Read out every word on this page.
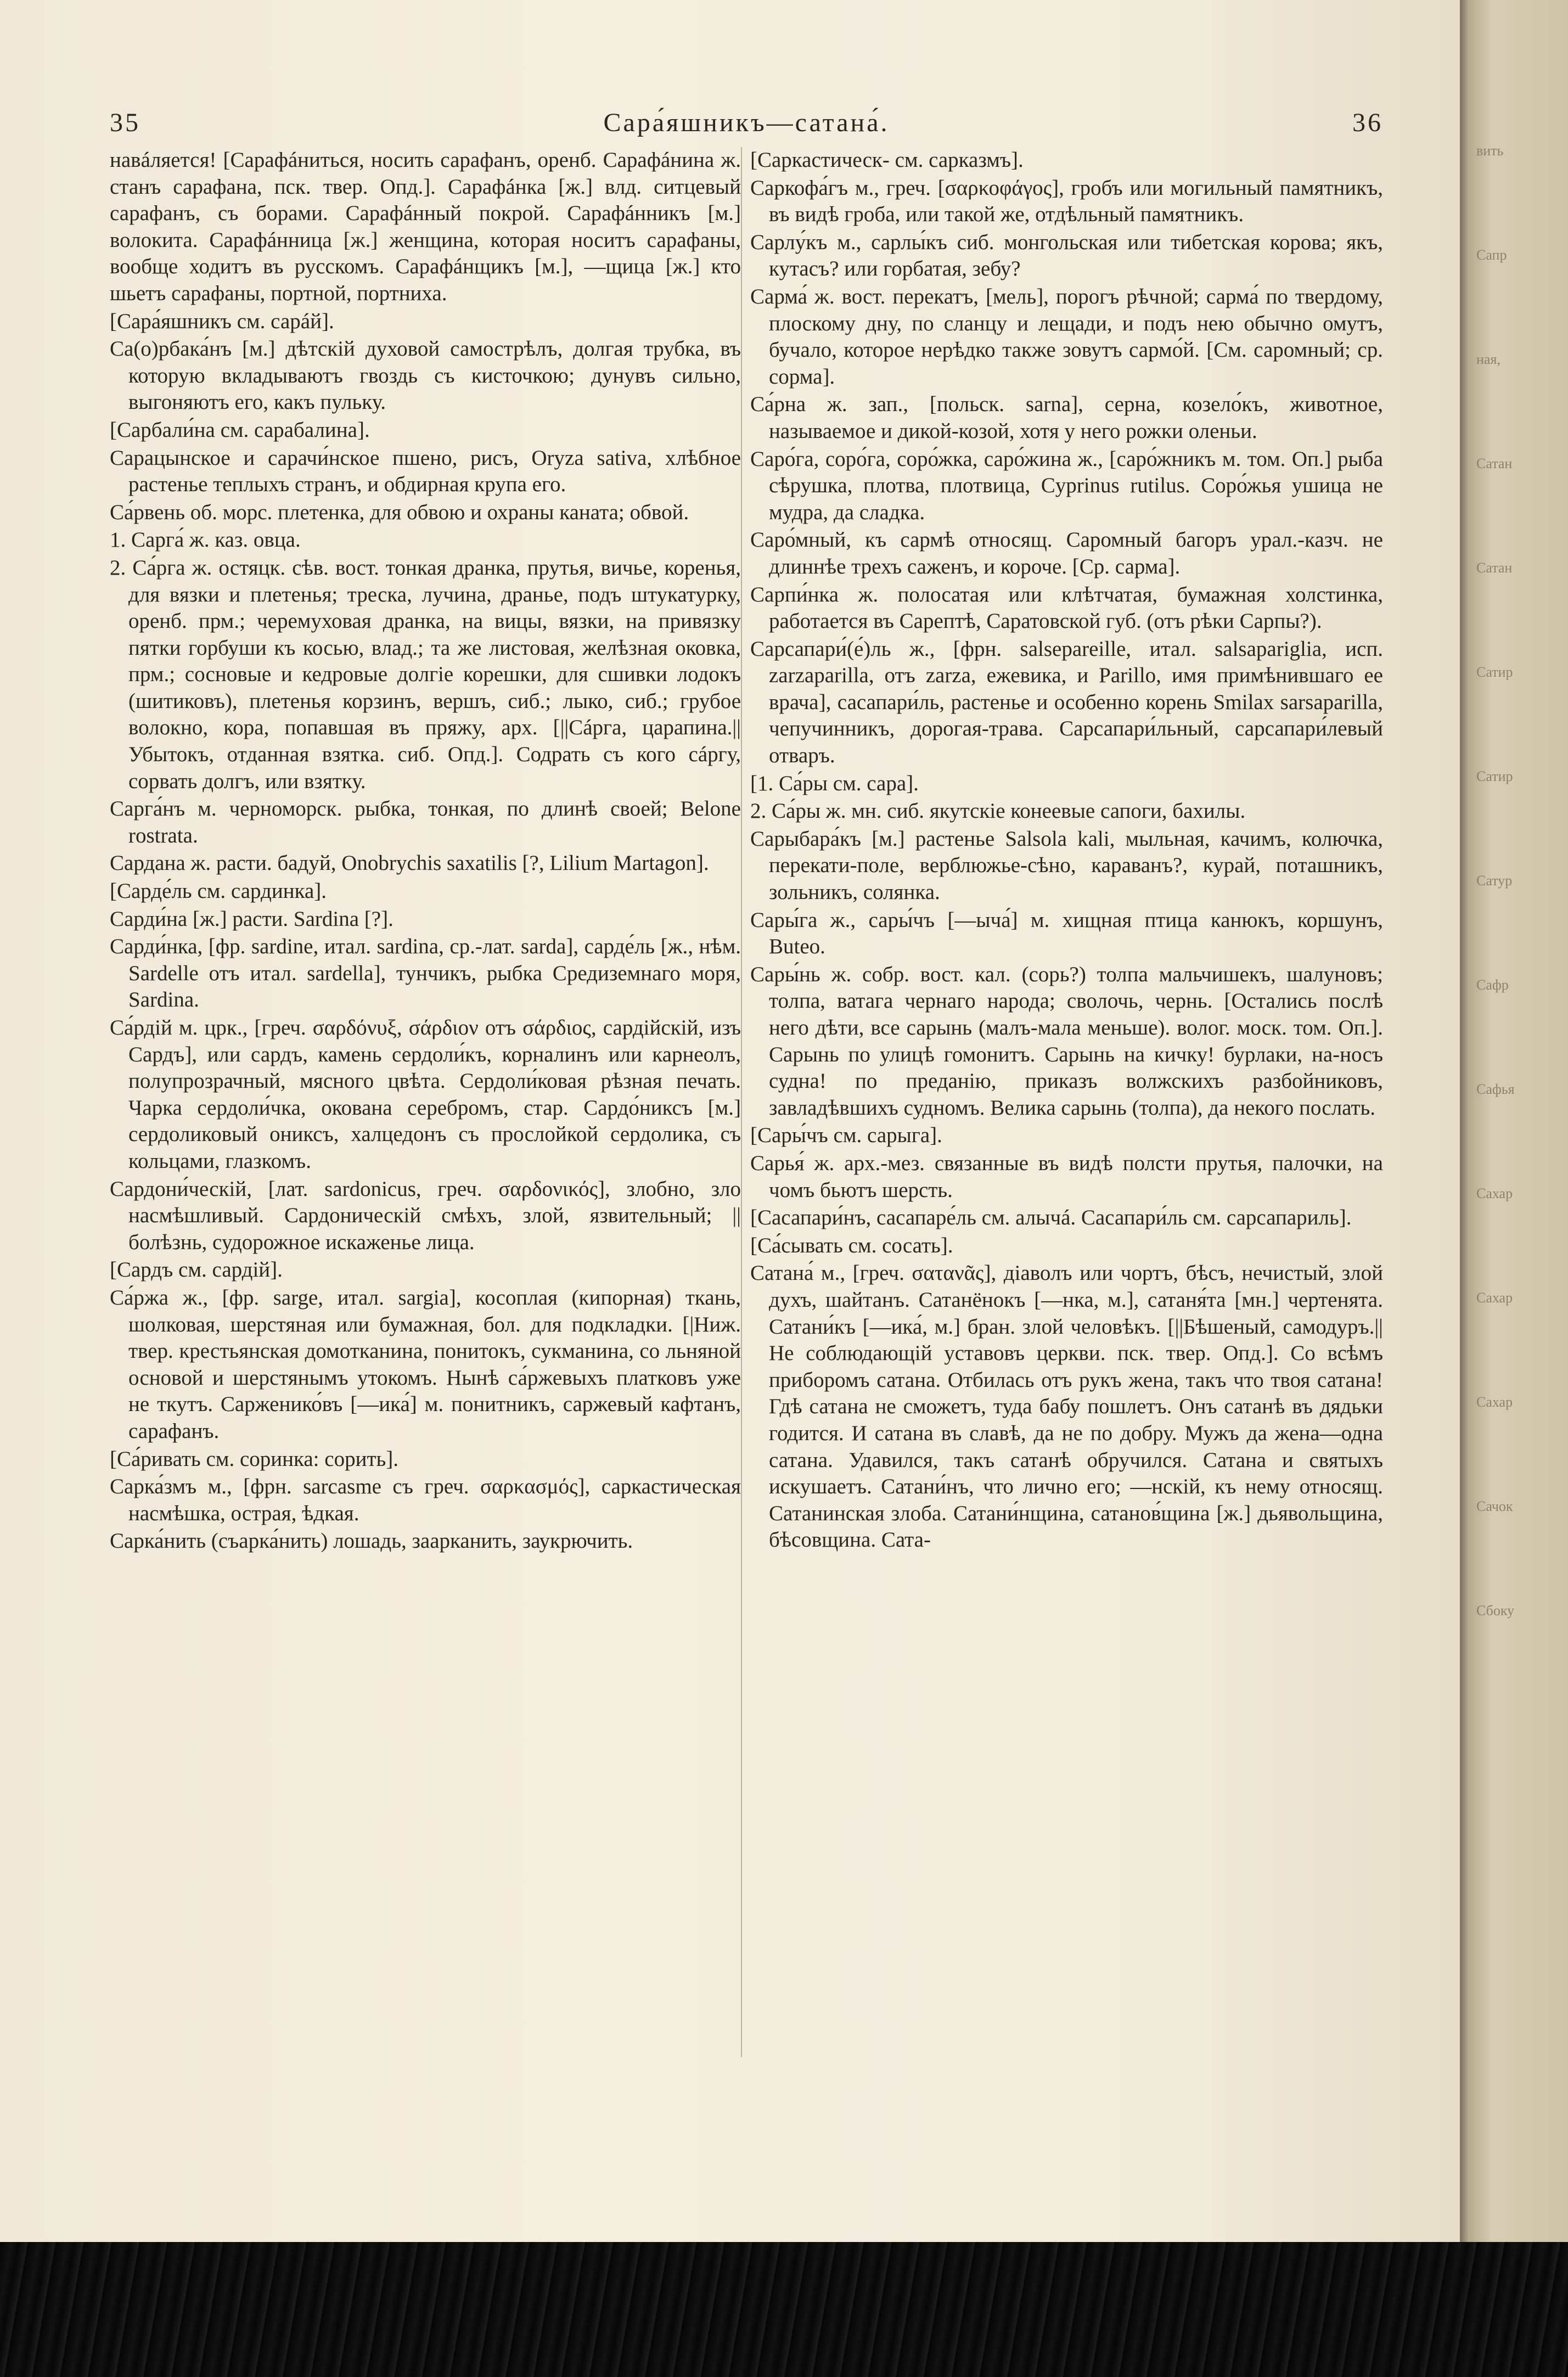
вить
Сапр
ная,
Сатан
Сатан
Сатир
Сатир
Сатур
Сафр
Сафья
Сахар
Сахар
Сахар
Сачок
Сбоку
35	Сара́яшникъ—сатана́.	36

навáляется! [Сарафáниться, носить сарафанъ, оренб. Сарафáнина ж. станъ сарафана, пск. твер. Опд.]. Сарафáнка [ж.] влд. ситцевый сарафанъ, съ борами. Сарафáнный покрой. Сарафáнникъ [м.] волокита. Сарафáнница [ж.] женщина, которая носитъ сарафаны, вообще ходитъ въ русскомъ. Сарафáнщикъ [м.], —щица [ж.] кто шьетъ сарафаны, портной, портниха.

[Сара́яшникъ см. сарáй].

Са(о)рбака́нъ [м.] дѣтскій духовой самострѣлъ, долгая трубка, въ которую вкладываютъ гвоздь съ кисточкою; дунувъ сильно, выгоняютъ его, какъ пульку.

[Сарбали́на см. сарабалина].

Сарацынское и сарачи́нское пшено, рисъ, Oryza sativa, хлѣбное растенье теплыхъ странъ, и обдирная крупа его.

Са́рвень об. морс. плетенка, для обвою и охраны каната; обвой.

1. Сарга́ ж. каз. овца.

2. Са́рга ж. остяцк. сѣв. вост. тонкая дранка, прутья, вичье, коренья, для вязки и плетенья; треска, лучина, дранье, подъ штукатурку, оренб. прм.; черемуховая дранка, на вицы, вязки, на привязку пятки горбуши къ косью, влад.; та же листовая, желѣзная оковка, прм.; сосновые и кедровые долгіе корешки, для сшивки лодокъ (шитиковъ), плетенья корзинъ, вершъ, сиб.; лыко, сиб.; грубое волокно, кора, попавшая въ пряжу, арх. [||Сáрга, царапина.||Убытокъ, отданная взятка. сиб. Опд.]. Содрать съ кого сáргу, сорвать долгъ, или взятку.

Сарга́нъ м. черноморск. рыбка, тонкая, по длинѣ своей; Belone rostrata.

Сардана ж. расти. бадуй, Onobrychis saxatilis [?, Lilium Martagon].

[Сарде́ль см. сардинка].

Сарди́на [ж.] расти. Sardina [?].

Сарди́нка, [фр. sardine, итал. sardina, ср.-лат. sarda], сарде́ль [ж., нѣм. Sardelle отъ итал. sardella], тунчикъ, рыбка Средиземнаго моря, Sardina.

Са́рдій м. црк., [греч. σαρδόνυξ, σάρδιον отъ σάρδιος, сардійскій, изъ Сардъ], или сардъ, камень сердоли́къ, корналинъ или карнеолъ, полупрозрачный, мясного цвѣта. Сердоли́ковая рѣзная печать. Чарка сердоли́чка, окована серебромъ, стар. Сардо́никсъ [м.] сердоликовый ониксъ, халцедонъ съ прослойкой сердолика, съ кольцами, глазкомъ.

Сардони́ческій, [лат. sardonicus, греч. σαρδονικός], злобно, зло насмѣшливый. Сардоническій смѣхъ, злой, язвительный; ||болѣзнь, судорожное искаженье лица.

[Сардъ см. сардій].

Са́ржа ж., [фр. sarge, итал. sargia], косоплая (кипорная) ткань, шолковая, шерстяная или бумажная, бол. для подкладки. [|Ниж. твер. крестьянская домотканина, понитокъ, сукманина, со льняной основой и шерстянымъ утокомъ. Нынѣ са́ржевыхъ платковъ уже не ткутъ. Сарженико́въ [—ика́] м. понитникъ, саржевый кафтанъ, сарафанъ.

[Са́ривать см. соринка: сорить].

Сарка́змъ м., [фрн. sarcasme съ греч. σαρκασμός], саркастическая насмѣшка, острая, ѣдкая.

Сарка́нить (съарка́нить) лошадь, заарканить, заукрючить.

[Саркастическ- см. сарказмъ].

Саркофа́гъ м., греч. [σαρκοφάγος], гробъ или могильный памятникъ, въ видѣ гроба, или такой же, отдѣльный памятникъ.

Сарлу́къ м., сарлы́къ сиб. монгольская или тибетская корова; якъ, кутасъ? или горбатая, зебу?

Сарма́ ж. вост. перекатъ, [мель], порогъ рѣчной; сарма́ по твердому, плоскому дну, по сланцу и лещади, и подъ нею обычно омутъ, бучало, которое нерѣдко также зовутъ сармо́й. [См. саромный; ср. сорма].

Са́рна ж. зап., [польск. sarna], серна, козело́къ, животное, называемое и дикой-козой, хотя у него рожки оленьи.

Саро́га, соро́га, соро́жка, саро́жина ж., [саро́жникъ м. том. Оп.] рыба сѣрушка, плотва, плотвица, Cyprinus rutilus. Соро́жья ушица не мудра, да сладка.

Саро́мный, къ сармѣ относящ. Саромный багоръ урал.-казч. не длиннѣе трехъ саженъ, и короче. [Ср. сарма].

Сарпи́нка ж. полосатая или клѣтчатая, бумажная холстинка, работается въ Сарептѣ, Саратовской губ. (отъ рѣки Сарпы?).

Сарсапари́(е́)ль ж., [фрн. salsepareille, итал. salsapariglia, исп. zarzaparilla, отъ zarza, ежевика, и Parillo, имя примѣнившаго ее врача], сасапари́ль, растенье и особенно корень Smilax sarsaparilla, чепучинникъ, дорогая-трава. Сарсапари́льный, сарсапари́левый отваръ.

[1. Са́ры см. сара].

2. Са́ры ж. мн. сиб. якутскіе конеевые сапоги, бахилы.

Сарыбара́къ [м.] растенье Salsola kali, мыльная, качимъ, колючка, перекати-поле, верблюжье-сѣно, караванъ?, курай, поташникъ, зольникъ, солянка.

Сары́га ж., сары́чъ [—ыча́] м. хищная птица канюкъ, коршунъ, Buteo.

Сары́нь ж. собр. вост. кал. (сорь?) толпа мальчишекъ, шалуновъ; толпа, ватага чернаго народа; сволочь, чернь. [Остались послѣ него дѣти, все сарынь (малъ-мала меньше). волог. моск. том. Оп.]. Сарынь по улицѣ гомонитъ. Сарынь на кичку! бурлаки, на-носъ судна! по преданію, приказъ волжскихъ разбойниковъ, завладѣвшихъ судномъ. Велика сарынь (толпа), да некого послать.

[Сары́чъ см. сарыга].

Сарья́ ж. арх.-мез. связанные въ видѣ полсти прутья, палочки, на чомъ бьютъ шерсть.

[Сасапари́нъ, сасапаре́ль см. алычá. Сасапари́ль см. сарсапариль].

[Са́сывать см. сосать].

Сатана́ м., [греч. σατανᾶς], діаволъ или чортъ, бѣсъ, нечистый, злой духъ, шайтанъ. Сатанёнокъ [—нка, м.], сатаня́та [мн.] чертенята. Сатани́къ [—ика́, м.] бран. злой человѣкъ. [||Бѣшеный, самодуръ.||Не соблюдающій уставовъ церкви. пск. твер. Опд.]. Со всѣмъ приборомъ сатана. Отбилась отъ рукъ жена, такъ что твоя сатана! Гдѣ сатана не сможетъ, туда бабу пошлетъ. Онъ сатанѣ въ дядьки годится. И сатана въ славѣ, да не по добру. Мужъ да жена—одна сатана. Удавился, такъ сатанѣ обручился. Сатана и святыхъ искушаетъ. Сатани́нъ, что лично его; —нскій, къ нему относящ. Сатанинская злоба. Сатани́нщина, сатанов́щина [ж.] дьявольщина, бѣсовщина. Сата-
